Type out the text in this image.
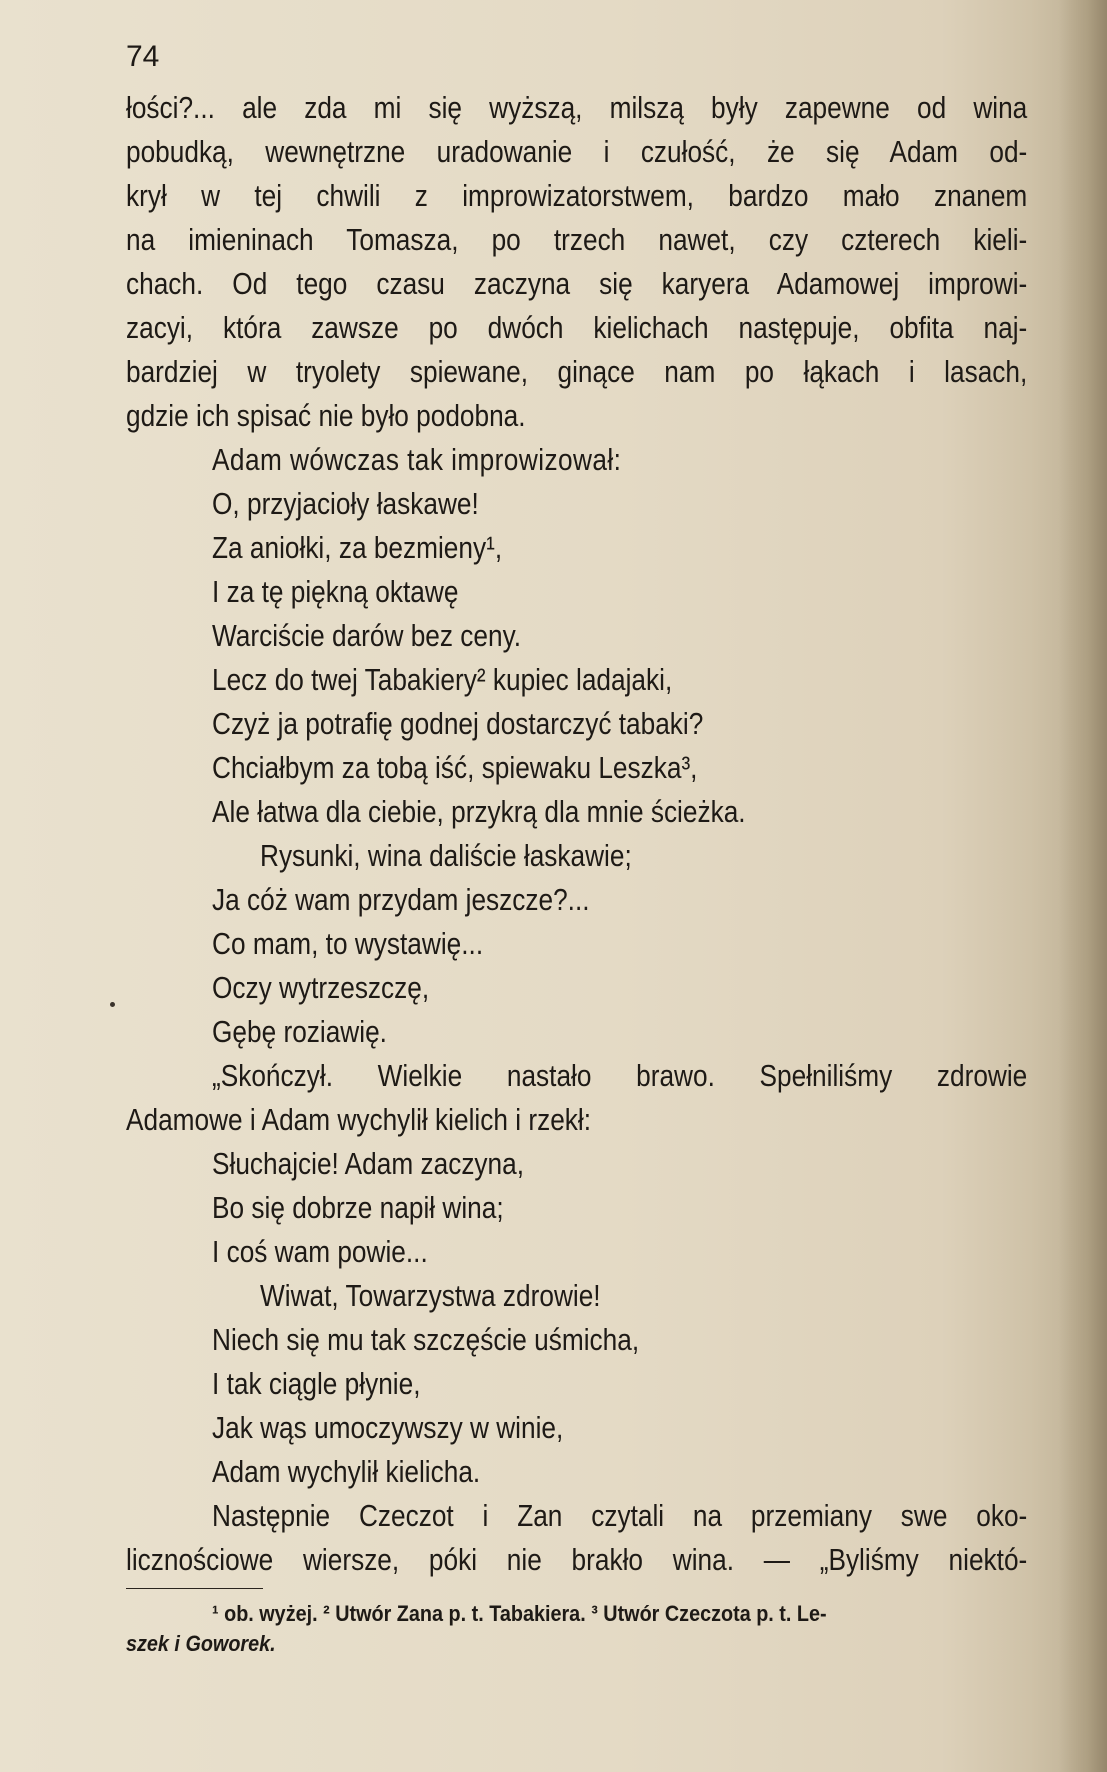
74
łości?... ale zda mi się wyższą, milszą były zapewne od wina
pobudką, wewnętrzne uradowanie i czułość, że się Adam od-
krył w tej chwili z improwizatorstwem, bardzo mało znanem
na imieninach Tomasza, po trzech nawet, czy czterech kieli-
chach. Od tego czasu zaczyna się karyera Adamowej improwi-
zacyi, która zawsze po dwóch kielichach następuje, obfita naj-
bardziej w tryolety spiewane, ginące nam po łąkach i lasach,
gdzie ich spisać nie było podobna.
Adam wówczas tak improwizował:
O, przyjacioły łaskawe!
Za aniołki, za bezmieny¹,
I za tę piękną oktawę
Warciście darów bez ceny.
Lecz do twej Tabakiery² kupiec ladajaki,
Czyż ja potrafię godnej dostarczyć tabaki?
Chciałbym za tobą iść, spiewaku Leszka³,
Ale łatwa dla ciebie, przykrą dla mnie ścieżka.
Rysunki, wina daliście łaskawie;
Ja cóż wam przydam jeszcze?...
Co mam, to wystawię...
Oczy wytrzeszczę,
Gębę roziawię.
„Skończył. Wielkie nastało brawo. Spełniliśmy zdrowie
Adamowe i Adam wychylił kielich i rzekł:
Słuchajcie! Adam zaczyna,
Bo się dobrze napił wina;
I coś wam powie...
Wiwat, Towarzystwa zdrowie!
Niech się mu tak szczęście uśmicha,
I tak ciągle płynie,
Jak wąs umoczywszy w winie,
Adam wychylił kielicha.
Następnie Czeczot i Zan czytali na przemiany swe oko-
licznościowe wiersze, póki nie brakło wina. — „Byliśmy niektó-
¹ ob. wyżej. ² Utwór Zana p. t. Tabakiera. ³ Utwór Czeczota p. t. Le-
szek i Goworek.
